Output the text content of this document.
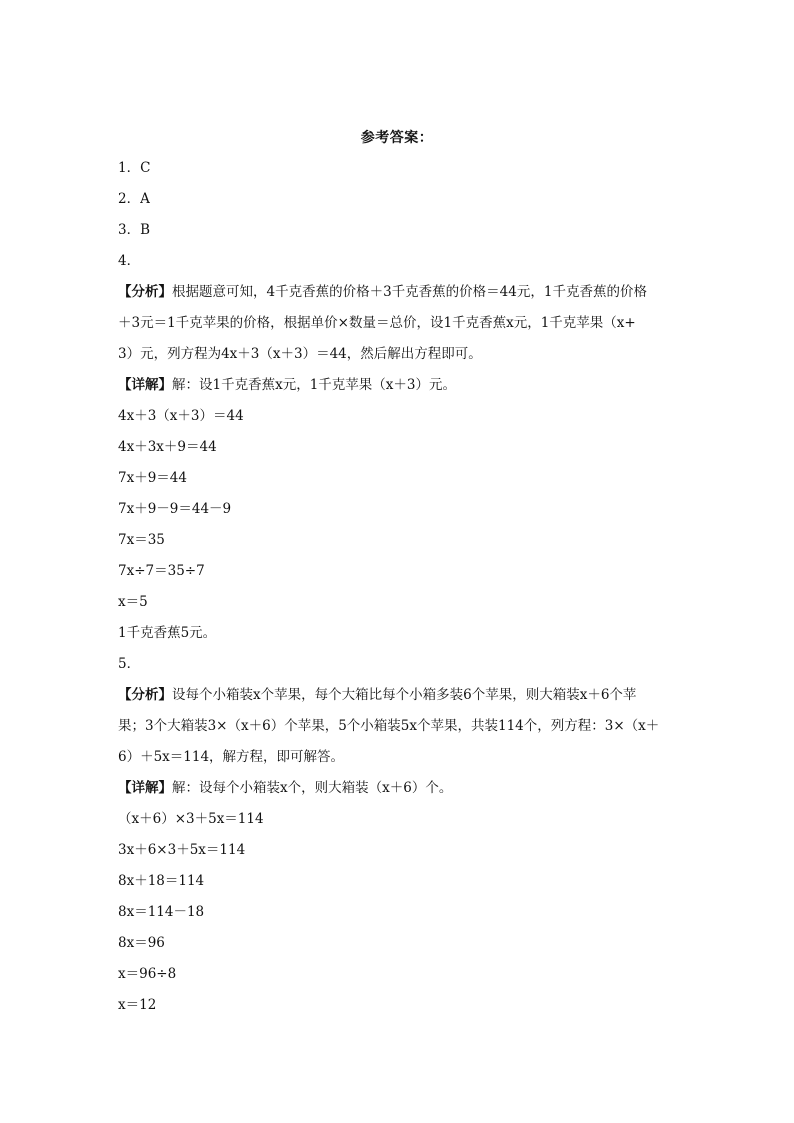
参考答案：
1．C
2．A
3．B
4．
【分析】根据题意可知，4千克香蕉的价格＋3千克香蕉的价格＝44元，1千克香蕉的价格
＋3元＝1千克苹果的价格，根据单价×数量＝总价，设1千克香蕉x元，1千克苹果（x+
3）元，列方程为4x＋3（x＋3）＝44，然后解出方程即可。
【详解】解：设1千克香蕉x元，1千克苹果（x＋3）元。
4x＋3（x＋3）＝44
4x＋3x＋9＝44
7x＋9＝44
7x＋9－9＝44－9
7x＝35
7x÷7＝35÷7
x＝5
1千克香蕉5元。
5．
【分析】设每个小箱装x个苹果，每个大箱比每个小箱多装6个苹果，则大箱装x＋6个苹
果；3个大箱装3×（x＋6）个苹果，5个小箱装5x个苹果，共装114个，列方程：3×（x＋
6）＋5x＝114，解方程，即可解答。
【详解】解：设每个小箱装x个，则大箱装（x＋6）个。
（x＋6）×3＋5x＝114
3x＋6×3＋5x＝114
8x＋18＝114
8x＝114－18
8x＝96
x＝96÷8
x＝12
